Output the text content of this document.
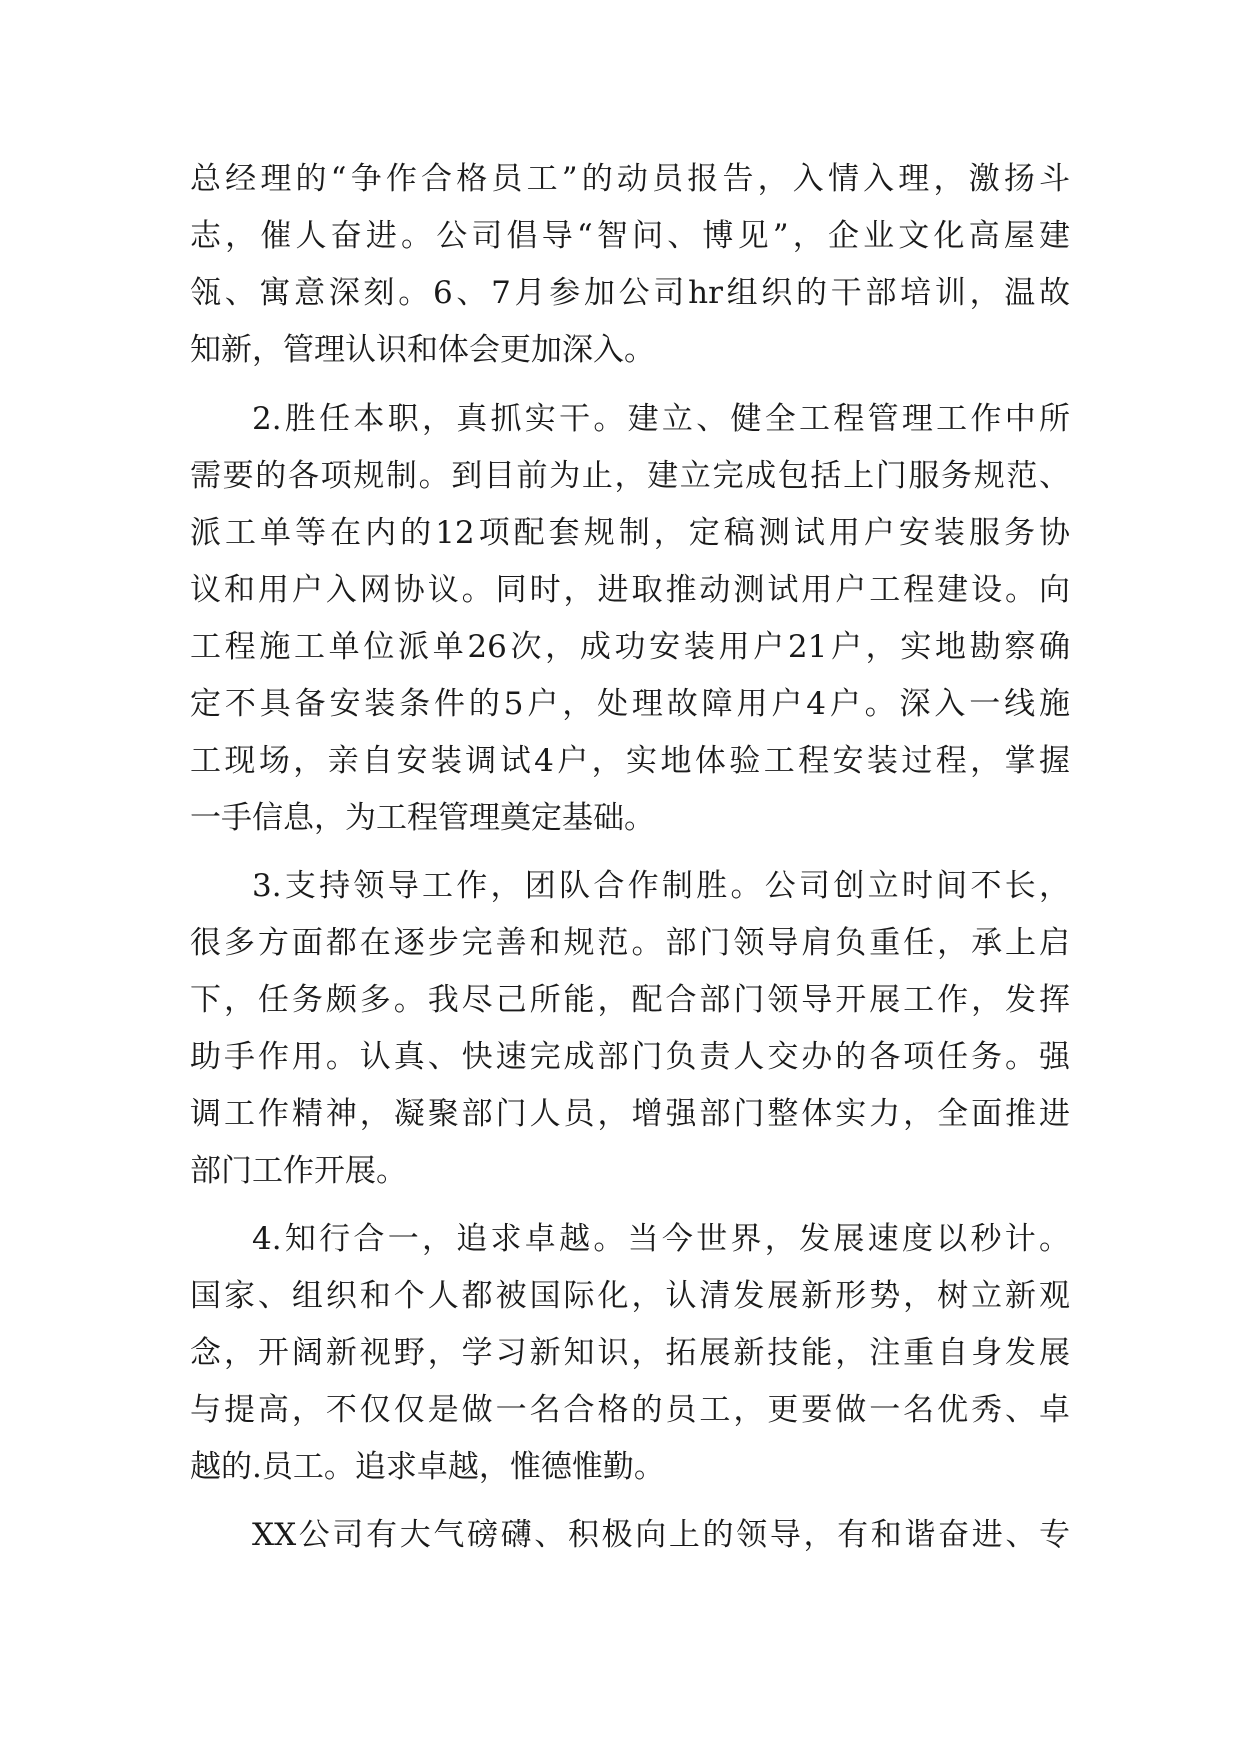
总经理的“争作合格员工”的动员报告，入情入理，激扬斗
志，催人奋进。公司倡导“智问、博见”，企业文化高屋建
瓴、寓意深刻。6、7月参加公司hr组织的干部培训，温故
知新，管理认识和体会更加深入。
2.胜任本职，真抓实干。建立、健全工程管理工作中所
需要的各项规制。到目前为止，建立完成包括上门服务规范、
派工单等在内的12项配套规制，定稿测试用户安装服务协
议和用户入网协议。同时，进取推动测试用户工程建设。向
工程施工单位派单26次，成功安装用户21户，实地勘察确
定不具备安装条件的5户，处理故障用户4户。深入一线施
工现场，亲自安装调试4户，实地体验工程安装过程，掌握
一手信息，为工程管理奠定基础。
3.支持领导工作，团队合作制胜。公司创立时间不长，
很多方面都在逐步完善和规范。部门领导肩负重任，承上启
下，任务颇多。我尽己所能，配合部门领导开展工作，发挥
助手作用。认真、快速完成部门负责人交办的各项任务。强
调工作精神，凝聚部门人员，增强部门整体实力，全面推进
部门工作开展。
4.知行合一，追求卓越。当今世界，发展速度以秒计。
国家、组织和个人都被国际化，认清发展新形势，树立新观
念，开阔新视野，学习新知识，拓展新技能，注重自身发展
与提高，不仅仅是做一名合格的员工，更要做一名优秀、卓
越的.员工。追求卓越，惟德惟勤。
XX公司有大气磅礴、积极向上的领导，有和谐奋进、专
